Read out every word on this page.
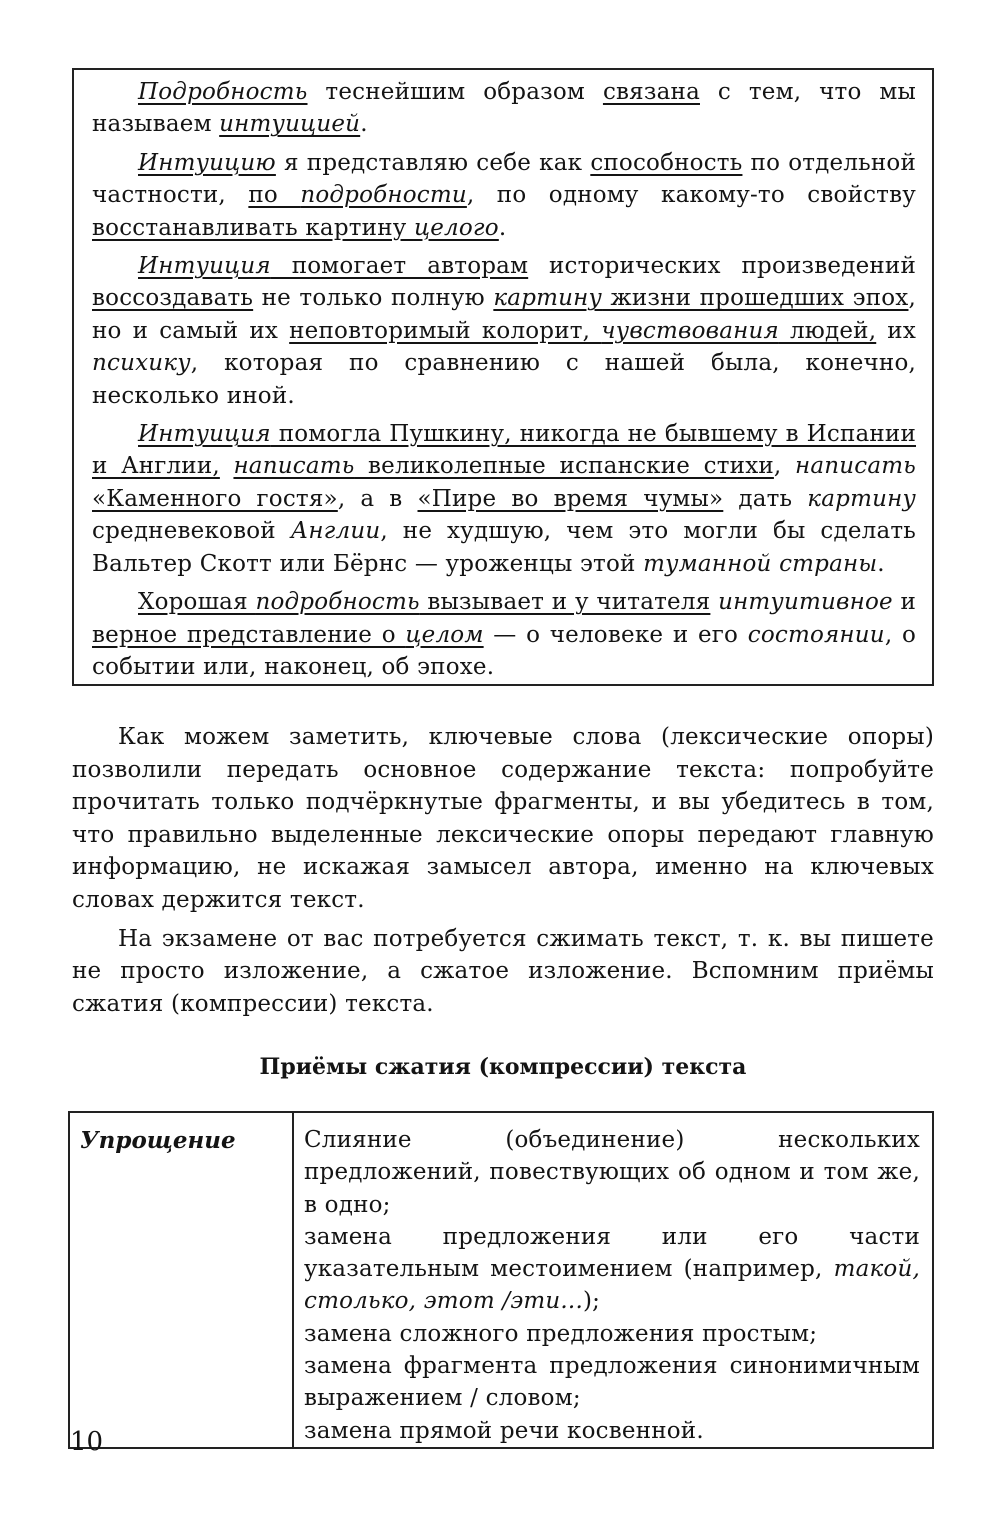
Подробность теснейшим образом связана с тем, что мы называем интуицией.

Интуицию я представляю себе как способность по отдельной частности, по подробности, по одному какому-то свойству восстанавливать картину целого.

Интуиция помогает авторам исторических произведений воссоздавать не только полную картину жизни прошедших эпох, но и самый их неповторимый колорит, чувствования людей, их психику, которая по сравнению с нашей была, конечно, несколько иной.

Интуиция помогла Пушкину, никогда не бывшему в Испании и Англии, написать великолепные испанские стихи, написать «Каменного гостя», а в «Пире во время чумы» дать картину средневековой Англии, не худшую, чем это могли бы сделать Вальтер Скотт или Бёрнс — уроженцы этой туманной страны.

Хорошая подробность вызывает и у читателя интуитивное и верное представление о целом — о человеке и его состоянии, о событии или, наконец, об эпохе.

Как можем заметить, ключевые слова (лексические опоры) позволили передать основное содержание текста: попробуйте прочитать только подчёркнутые фрагменты, и вы убедитесь в том, что правильно выделенные лексические опоры передают главную информацию, не искажая замысел автора, именно на ключевых словах держится текст.

На экзамене от вас потребуется сжимать текст, т. к. вы пишете не просто изложение, а сжатое изложение. Вспомним приёмы сжатия (компрессии) текста.

Приёмы сжатия (компрессии) текста
Упрощение	Слияние (объединение) нескольких предложений, повествующих об одном и том же, в одно;
замена предложения или его части указательным местоимением (например, такой, столько, этот /эти...);
замена сложного предложения простым;
замена фрагмента предложения синонимичным выражением / словом;
замена прямой речи косвенной.
10
